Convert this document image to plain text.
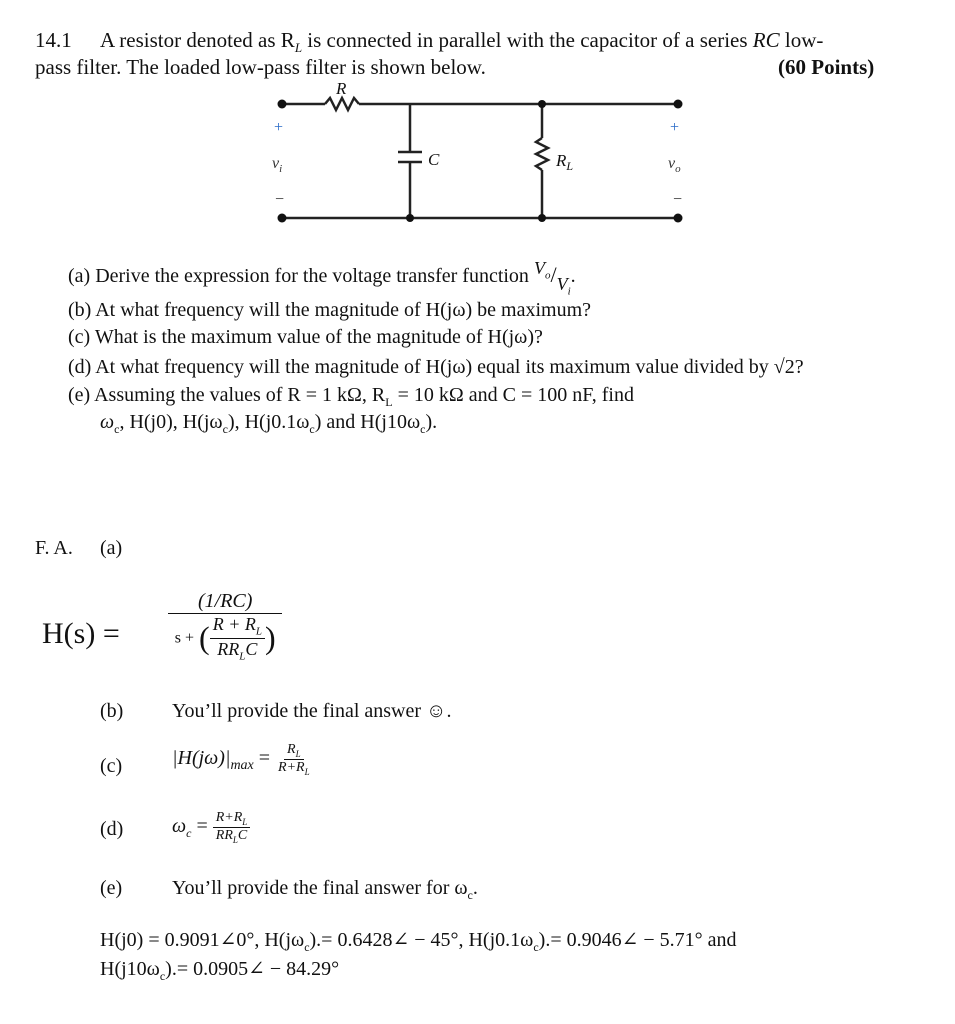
14.1 A resistor denoted as $R_L$ is connected in parallel with the capacitor of a series RC low-
pass filter. The loaded low-pass filter is shown below.	(60 Points)
R
C	$R_L$
+
$v_i$
−
+
$v_o$
−
(a) Derive the expression for the voltage transfer function $V_o/V_i$.
(b) At what frequency will the magnitude of H(jω) be maximum?
(c) What is the maximum value of the magnitude of H(jω)?
(d) At what frequency will the magnitude of H(jω) equal its maximum value divided by √2?
(e) Assuming the values of R = 1 kΩ, $R_L = 10$ kΩ and C = 100 nF, find
$\omega_c$, H(j0), $H(j\omega_c)$, $H(j0.1\omega_c)$ and $H(j10\omega_c)$.
F. A. (a)
$H(s) = \frac{(1/RC)}{s + ( \frac{R + R_L}{RR_LC} )}$
(b) You’ll provide the final answer ☺.
(c) $|H(j\omega)|_{max} = \frac{R_L}{R+R_L}$
(d) $\omega_c = \frac{R+R_L}{RR_LC}$
(e) You’ll provide the final answer for $\omega_c$.
H(j0) = 0.9091∠0°, $H(j\omega_c).=$ 0.6428∠ − 45°, $H(j0.1\omega_c).=$ 0.9046∠ − 5.71° and
$H(j10\omega_c).=$ 0.0905∠ − 84.29°
